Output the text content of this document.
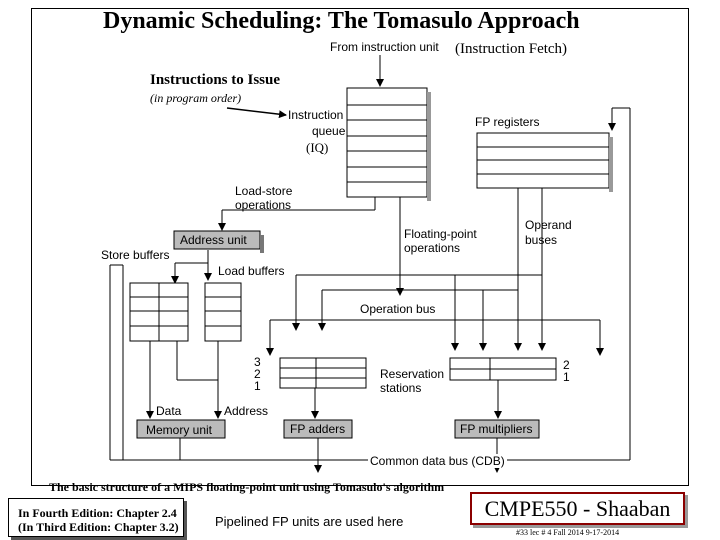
From instruction unit
Instruction
queue
FP registers
Load-store
operations
Address unit
Store buffers
Load buffers
Floating-point
operations
Operand
buses
Operation bus
Reservation
stations
3
2
1
2
1
Data	Address
Memory unit	FP adders	FP multipliers
Common data bus (CDB)
Dynamic Scheduling: The Tomasulo Approach
(Instruction Fetch)
Instructions to Issue
(in program order)
(IQ)
The basic structure of a MIPS floating-point unit using Tomasulo's algorithm
In Fourth Edition: Chapter 2.4
(In Third Edition: Chapter 3.2)	Pipelined FP units are used here
CMPE550 - Shaaban
#33 lec # 4 Fall 2014 9-17-2014
